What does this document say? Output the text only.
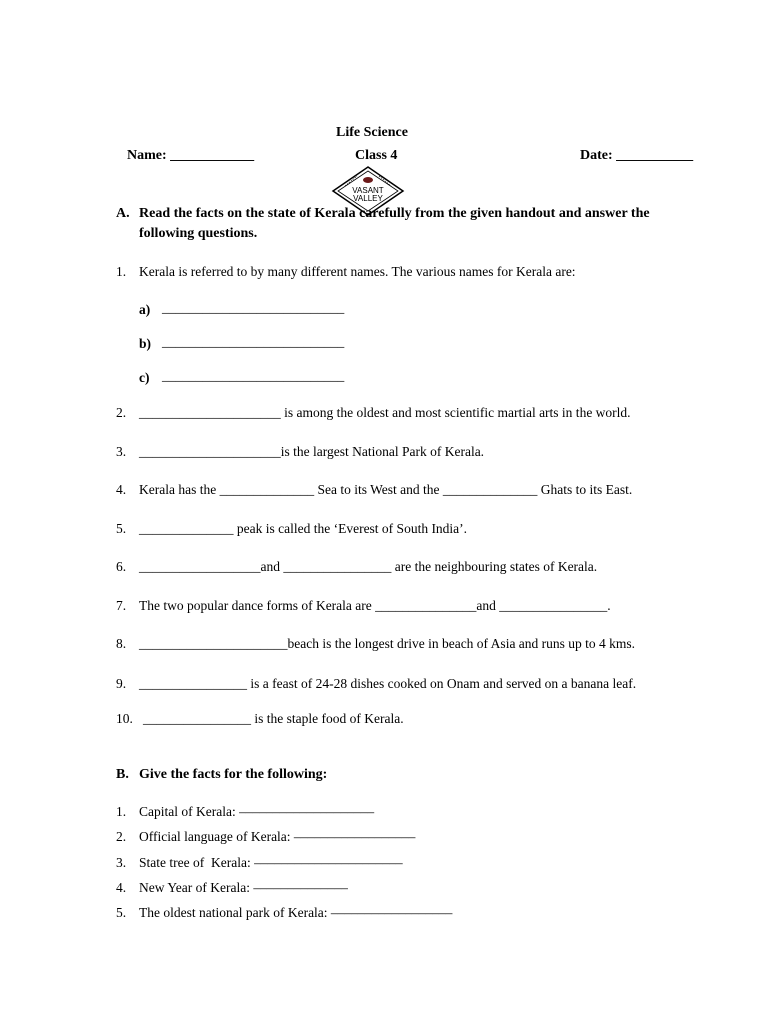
Life Science
Name: ____________	Class 4	Date: ___________
VASANT
VALLEY
A. Read the facts on the state of Kerala carefully from the given handout and answer the
following questions.
1. Kerala is referred to by many different names. The various names for Kerala are:
a) ___________________________
b) ___________________________
c) ___________________________
2. _____________________ is among the oldest and most scientific martial arts in the world.
3. _____________________is the largest National Park of Kerala.
4. Kerala has the ______________ Sea to its West and the ______________ Ghats to its East.
5. ______________ peak is called the ‘Everest of South India’.
6. __________________and ________________ are the neighbouring states of Kerala.
7. The two popular dance forms of Kerala are _______________and ________________.
8. ______________________beach is the longest drive in beach of Asia and runs up to 4 kms.
9. ________________ is a feast of 24-28 dishes cooked on Onam and served on a banana leaf.
10. ________________ is the staple food of Kerala.
B. Give the facts for the following:
1. Capital of Kerala: ––––––––––––––––––––
2. Official language of Kerala: ––––––––––––––––––
3. State tree of  Kerala: ––––––––––––––––––––––
4. New Year of Kerala: ––––––––––––––
5. The oldest national park of Kerala: ––––––––––––––––––
